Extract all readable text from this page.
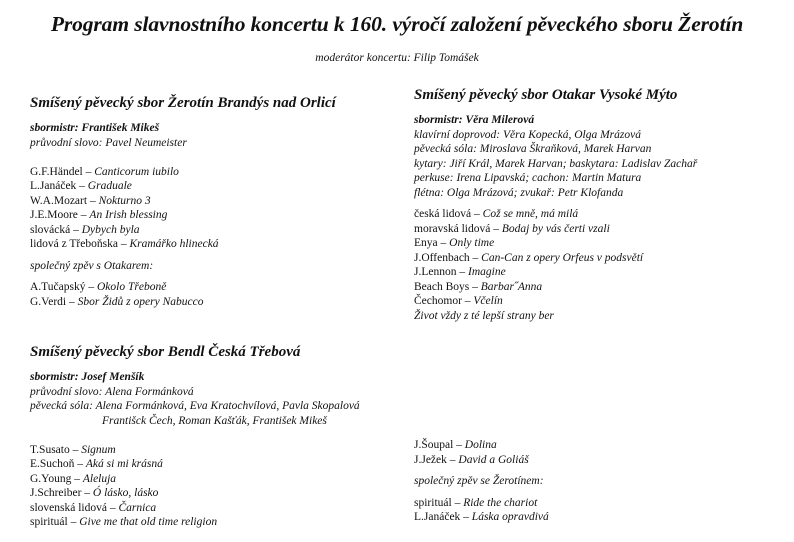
Program slavnostního koncertu k 160. výročí založení pěveckého sboru Žerotín
moderátor koncertu: Filip Tomášek
Smíšený pěvecký sbor Žerotín Brandýs nad Orlicí
sbormistr: František Mikeš
průvodní slovo: Pavel Neumeister
G.F.Händel – Canticorum iubilo
L.Janáček – Graduale
W.A.Mozart – Nokturno 3
J.E.Moore – An Irish blessing
slovácká – Dybych byla
lidová z Třeboňska – Kramářko hlinecká
společný zpěv s Otakarem:
A.Tučapský – Okolo Třeboně
G.Verdi – Sbor Židů z opery Nabucco
Smíšený pěvecký sbor Otakar Vysoké Mýto
sbormistr: Věra Milerová
klavírní doprovod: Věra Kopecká, Olga Mrázová
pěvecká sóla: Miroslava Škraňková, Marek Harvan
kytary: Jiří Král, Marek Harvan; baskytara: Ladislav Zachař
perkuse: Irena Lipavská; cachon: Martin Matura
flétna: Olga Mrázová; zvukař: Petr Klofanda
česká lidová – Což se mně, má milá
moravská lidová – Bodaj by vás čerti vzali
Enya – Only time
J.Offenbach – Can-Can z opery Orfeus v podsvětí
J.Lennon – Imagine
Beach Boys – Barbar˝Anna
Čechomor – Včelín
Život vždy z té lepší strany ber
Smíšený pěvecký sbor Bendl Česká Třebová
sbormistr: Josef Menšík
průvodní slovo: Alena Formánková
pěvecká sóla: Alena Formánková, Eva Kratochvílová, Pavla Skopalová
Františck Čech, Roman Kašťák, František Mikeš
T.Susato – Signum
E.Suchoň – Aká si mi krásná
G.Young – Aleluja
J.Schreiber – Ó lásko, lásko
slovenská lidová – Čarnica
spirituál – Give me that old time religion
J.Šoupal – Dolina
J.Ježek – David a Goliáš
společný zpěv se Žerotínem:
spirituál – Ride the chariot
L.Janáček – Láska opravdivá
